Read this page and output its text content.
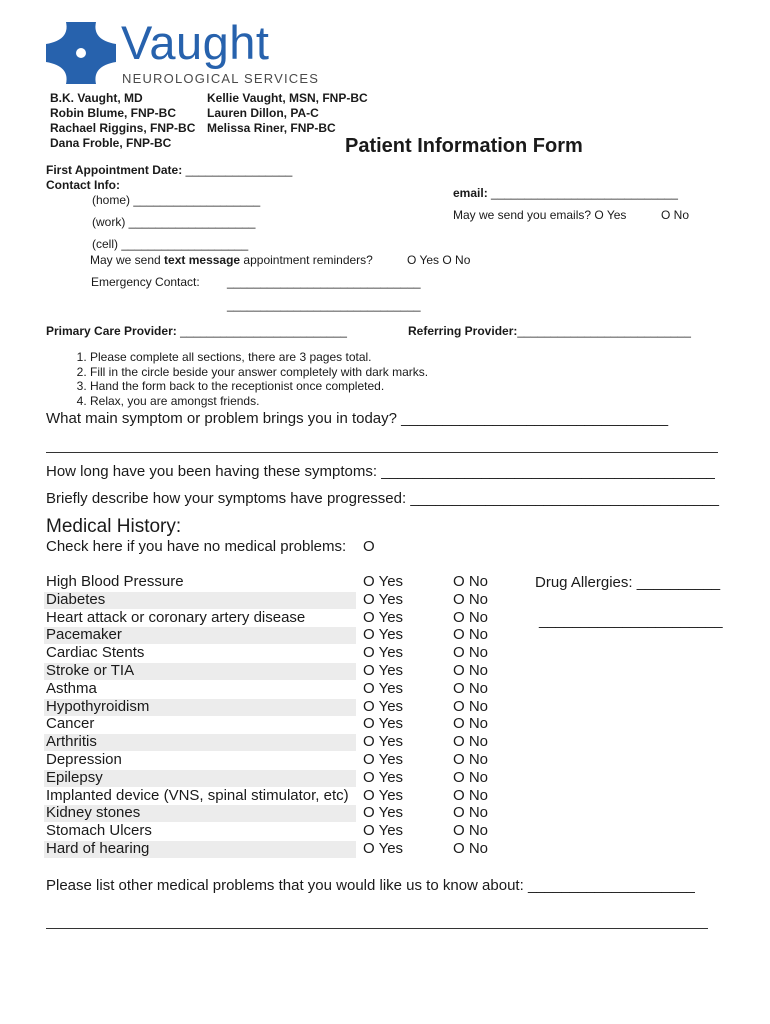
Vaught
NEUROLOGICAL SERVICES
B.K. Vaught, MD
Robin Blume, FNP-BC
Rachael Riggins, FNP-BC
Dana Froble, FNP-BC
Kellie Vaught, MSN, FNP-BC
Lauren Dillon, PA-C
Melissa Riner, FNP-BC
Patient Information Form
First Appointment Date: ________________
Contact Info:
(home) ___________________
(work) ___________________
(cell) ___________________
May we send text message appointment reminders?	O Yes O No
Emergency Contact: _____________________________
_____________________________
email: ____________________________
May we send you emails? O Yes	O No
Primary Care Provider: _________________________	Referring Provider:__________________________
1. Please complete all sections, there are 3 pages total.
2. Fill in the circle beside your answer completely with dark marks.
3. Hand the form back to the receptionist once completed.
4. Relax, you are amongst friends.
What main symptom or problem brings you in today? ________________________________
How long have you been having these symptoms: ________________________________________
Briefly describe how your symptoms have progressed: _____________________________________
Medical History:
Check here if you have no medical problems: O
High Blood Pressure	O Yes	O No
Diabetes	O Yes	O No
Heart attack or coronary artery disease	O Yes	O No
Pacemaker	O Yes	O No
Cardiac Stents	O Yes	O No
Stroke or TIA	O Yes	O No
Asthma	O Yes	O No
Hypothyroidism	O Yes	O No
Cancer	O Yes	O No
Arthritis	O Yes	O No
Depression	O Yes	O No
Epilepsy	O Yes	O No
Implanted device (VNS, spinal stimulator, etc) O Yes	O No
Kidney stones	O Yes	O No
Stomach Ulcers	O Yes	O No
Hard of hearing	O Yes	O No
Drug Allergies: __________
______________________
Please list other medical problems that you would like us to know about: ____________________
